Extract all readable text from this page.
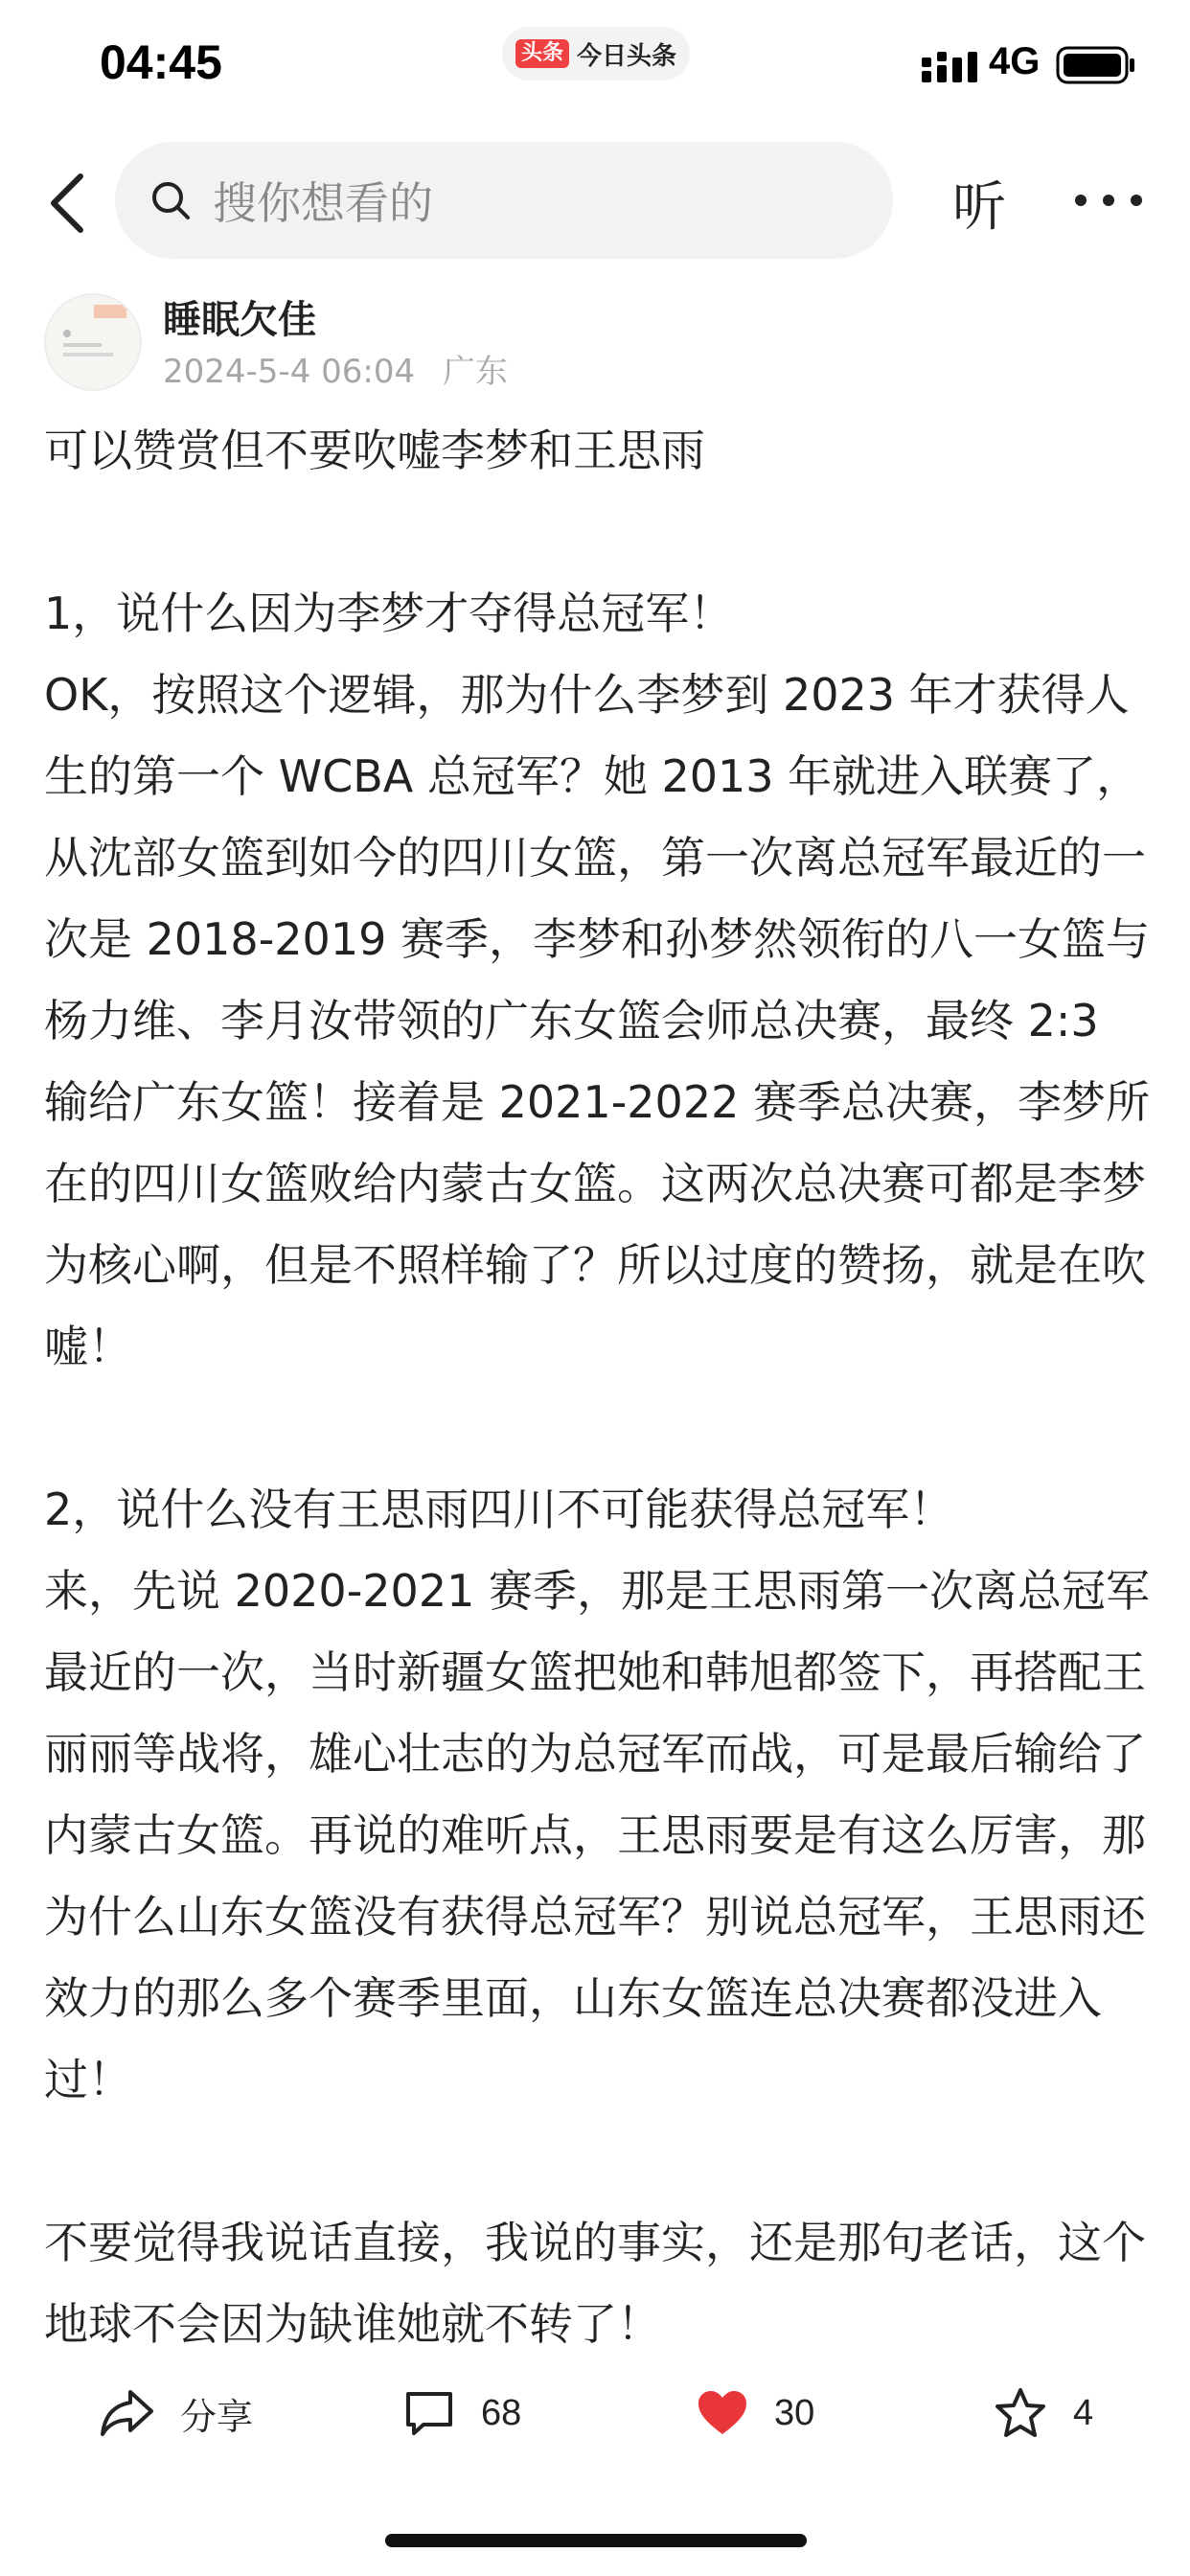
04:45	头条 今日头条	4G
搜你想看的	听
睡眠欠佳
2024-5-4 06:04 广东

可以赞赏但不要吹嘘李梦和王思雨

1，说什么因为李梦才夺得总冠军！
OK，按照这个逻辑，那为什么李梦到 2023 年才获得人生的第一个 WCBA 总冠军？她 2013 年就进入联赛了，从沈部女篮到如今的四川女篮，第一次离总冠军最近的一次是 2018-2019 赛季，李梦和孙梦然领衔的八一女篮与杨力维、李月汝带领的广东女篮会师总决赛，最终 2:3 输给广东女篮！接着是 2021-2022 赛季总决赛，李梦所在的四川女篮败给内蒙古女篮。这两次总决赛可都是李梦为核心啊，但是不照样输了？所以过度的赞扬，就是在吹嘘！

2，说什么没有王思雨四川不可能获得总冠军！
来，先说 2020-2021 赛季，那是王思雨第一次离总冠军最近的一次，当时新疆女篮把她和韩旭都签下，再搭配王丽丽等战将，雄心壮志的为总冠军而战，可是最后输给了内蒙古女篮。再说的难听点，王思雨要是有这么厉害，那为什么山东女篮没有获得总冠军？别说总冠军，王思雨还效力的那么多个赛季里面，山东女篮连总决赛都没进入过！

不要觉得我说话直接，我说的事实，还是那句老话，这个地球不会因为缺谁她就不转了！

分享	68	30	4
